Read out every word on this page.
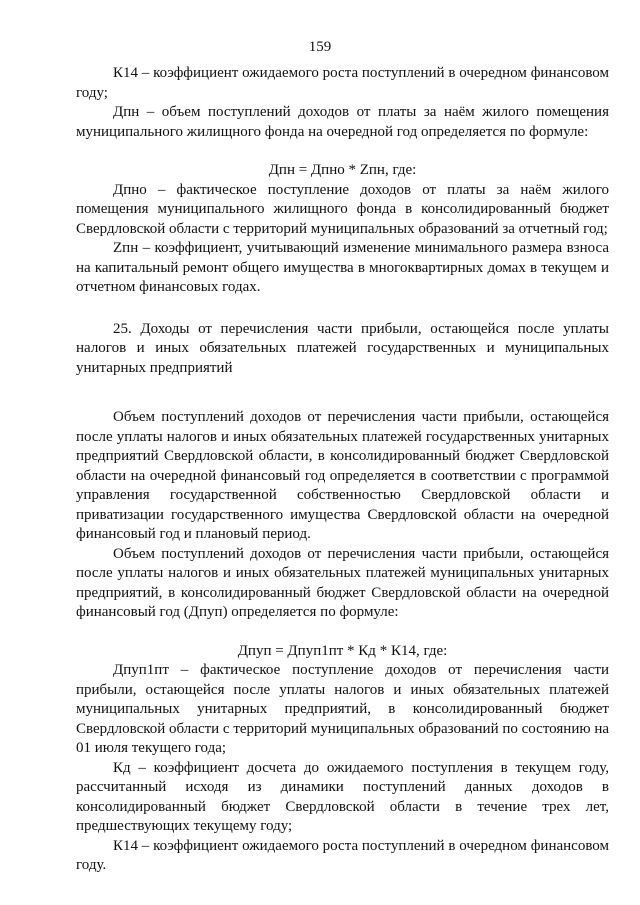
159

К14 – коэффициент ожидаемого роста поступлений в очередном финансовом году;

Дпн – объем поступлений доходов от платы за наём жилого помещения муниципального жилищного фонда на очередной год определяется по формуле:

Дпн = Дпно * Zпн, где:

Дпно – фактическое поступление доходов от платы за наём жилого помещения муниципального жилищного фонда в консолидированный бюджет Свердловской области с территорий муниципальных образований за отчетный год;

Zпн – коэффициент, учитывающий изменение минимального размера взноса на капитальный ремонт общего имущества в многоквартирных домах в текущем и отчетном финансовых годах.

25. Доходы от перечисления части прибыли, остающейся после уплаты налогов и иных обязательных платежей государственных и муниципальных унитарных предприятий

Объем поступлений доходов от перечисления части прибыли, остающейся после уплаты налогов и иных обязательных платежей государственных унитарных предприятий Свердловской области, в консолидированный бюджет Свердловской области на очередной финансовый год определяется в соответствии с программой управления государственной собственностью Свердловской области и приватизации государственного имущества Свердловской области на очередной финансовый год и плановый период.

Объем поступлений доходов от перечисления части прибыли, остающейся после уплаты налогов и иных обязательных платежей муниципальных унитарных предприятий, в консолидированный бюджет Свердловской области на очередной финансовый год (Дпуп) определяется по формуле:

Дпуп = Дпуп1пт * Кд * К14, где:

Дпуп1пт – фактическое поступление доходов от перечисления части прибыли, остающейся после уплаты налогов и иных обязательных платежей муниципальных унитарных предприятий, в консолидированный бюджет Свердловской области с территорий муниципальных образований по состоянию на 01 июля текущего года;

Кд – коэффициент досчета до ожидаемого поступления в текущем году, рассчитанный исходя из динамики поступлений данных доходов в консолидированный бюджет Свердловской области в течение трех лет, предшествующих текущему году;

К14 – коэффициент ожидаемого роста поступлений в очередном финансовом году.
